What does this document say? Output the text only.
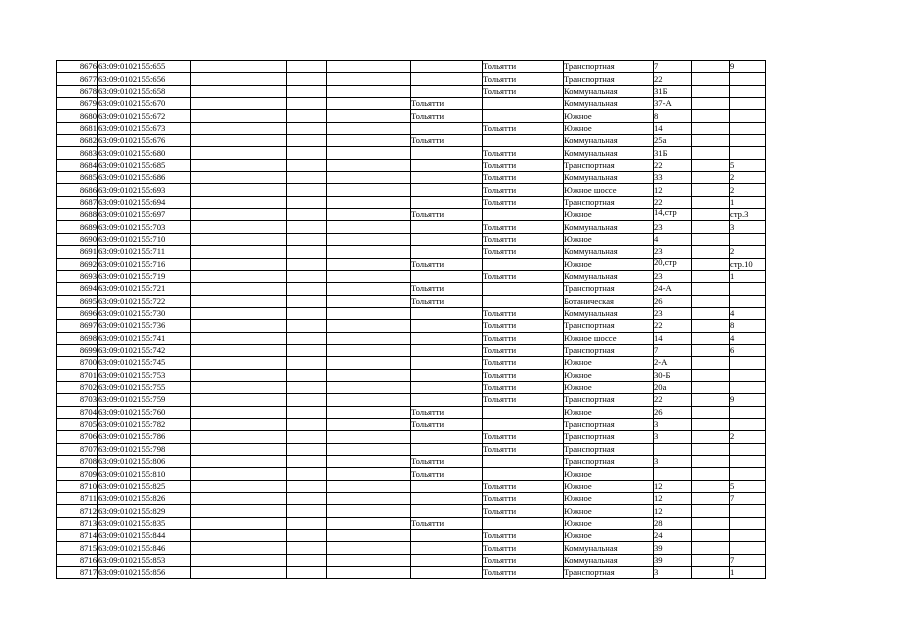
8676	63:09:0102155:655					Тольятти	Транспортная	7		9
8677	63:09:0102155:656					Тольятти	Транспортная	22		
8678	63:09:0102155:658					Тольятти	Коммунальная	31Б		
8679	63:09:0102155:670				Тольятти		Коммунальная	37-А		
8680	63:09:0102155:672				Тольятти		Южное	8		
8681	63:09:0102155:673					Тольятти	Южное	14		
8682	63:09:0102155:676				Тольятти		Коммунальная	25а		
8683	63:09:0102155:680					Тольятти	Коммунальная	31Б		
8684	63:09:0102155:685					Тольятти	Транспортная	22		5
8685	63:09:0102155:686					Тольятти	Коммунальная	33		2
8686	63:09:0102155:693					Тольятти	Южное шоссе	12		2
8687	63:09:0102155:694					Тольятти	Транспортная	22		1
8688	63:09:0102155:697				Тольятти		Южное	14,стр		стр.3
8689	63:09:0102155:703					Тольятти	Коммунальная	23		3
8690	63:09:0102155:710					Тольятти	Южное	4		
8691	63:09:0102155:711					Тольятти	Коммунальная	23		2
8692	63:09:0102155:716				Тольятти		Южное	20,стр		стр.10
8693	63:09:0102155:719					Тольятти	Коммунальная	23		1
8694	63:09:0102155:721				Тольятти		Транспортная	24-А		
8695	63:09:0102155:722				Тольятти		Ботаническая	26		
8696	63:09:0102155:730					Тольятти	Коммунальная	23		4
8697	63:09:0102155:736					Тольятти	Транспортная	22		8
8698	63:09:0102155:741					Тольятти	Южное шоссе	14		4
8699	63:09:0102155:742					Тольятти	Транспортная	7		6
8700	63:09:0102155:745					Тольятти	Южное	2-А		
8701	63:09:0102155:753					Тольятти	Южное	30-Б		
8702	63:09:0102155:755					Тольятти	Южное	20а		
8703	63:09:0102155:759					Тольятти	Транспортная	22		9
8704	63:09:0102155:760				Тольятти		Южное	26		
8705	63:09:0102155:782				Тольятти		Транспортная	3		
8706	63:09:0102155:786					Тольятти	Транспортная	3		2
8707	63:09:0102155:798					Тольятти	Транспортная			
8708	63:09:0102155:806				Тольятти		Транспортная	3		
8709	63:09:0102155:810				Тольятти		Южное			
8710	63:09:0102155:825					Тольятти	Южное	12		5
8711	63:09:0102155:826					Тольятти	Южное	12		7
8712	63:09:0102155:829					Тольятти	Южное	12		
8713	63:09:0102155:835				Тольятти		Южное	28		
8714	63:09:0102155:844					Тольятти	Южное	24		
8715	63:09:0102155:846					Тольятти	Коммунальная	39		
8716	63:09:0102155:853					Тольятти	Коммунальная	39		7
8717	63:09:0102155:856					Тольятти	Транспортная	3		1
